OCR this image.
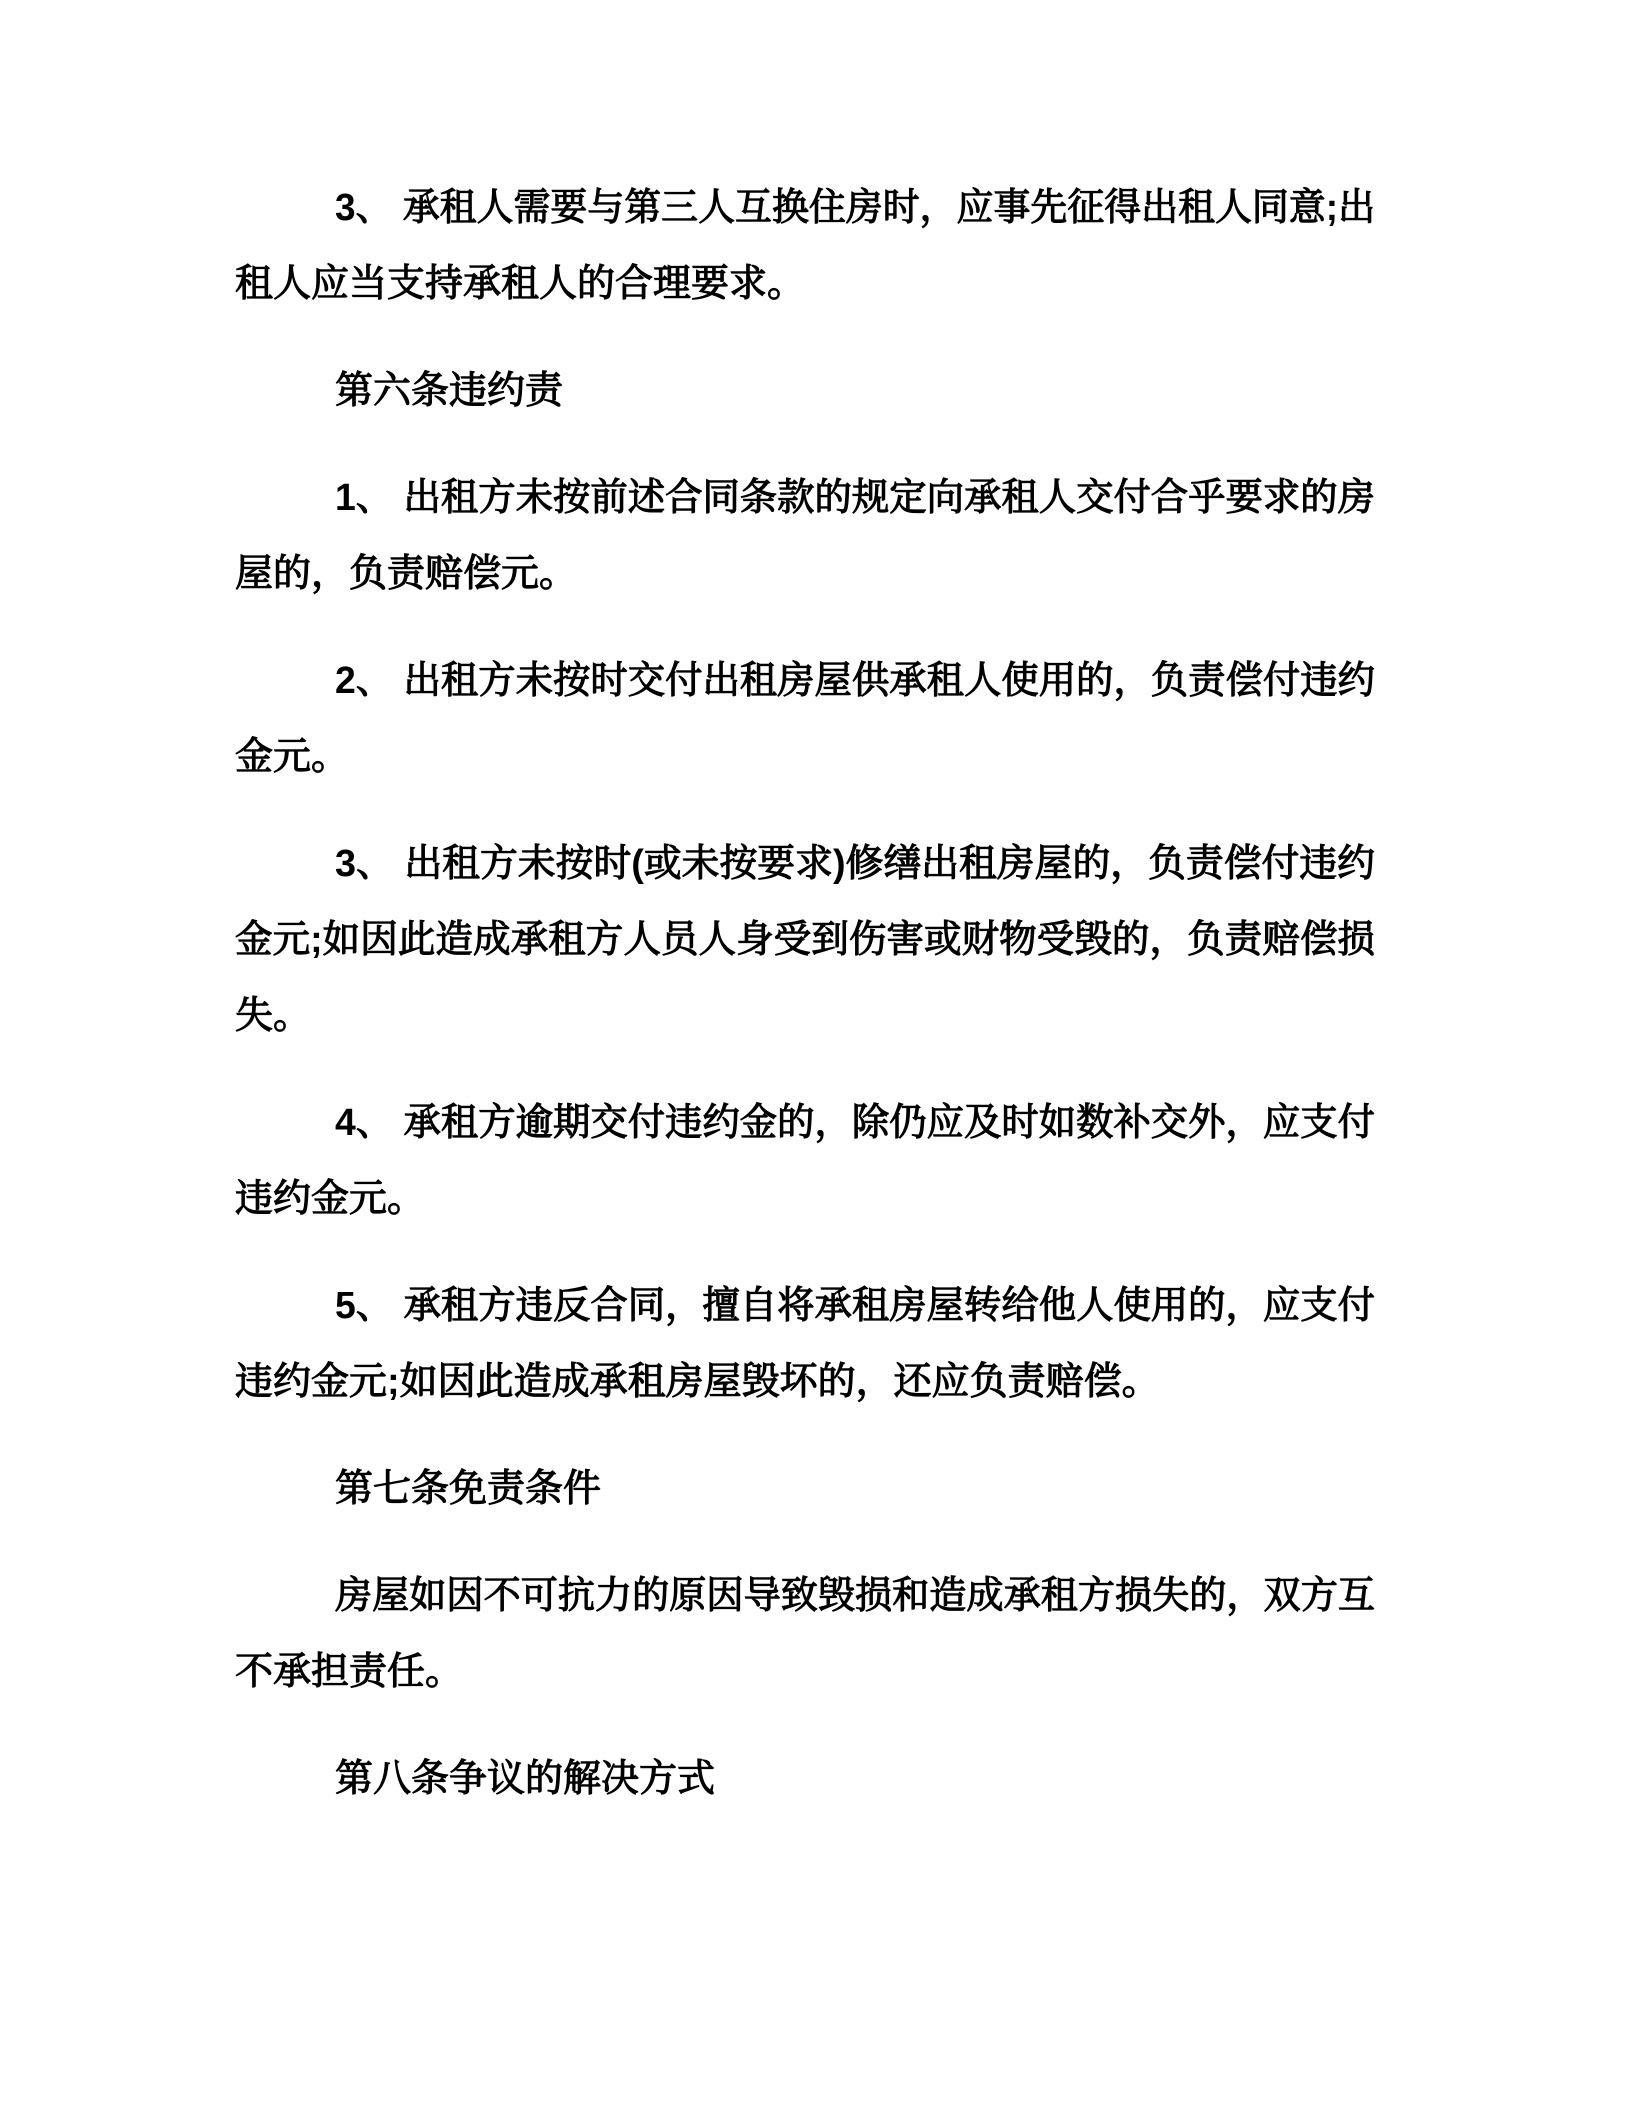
3、 承租人需要与第三人互换住房时，应事先征得出租人同意;出
租人应当支持承租人的合理要求。
第六条违约责
1、 出租方未按前述合同条款的规定向承租人交付合乎要求的房
屋的，负责赔偿元。
2、 出租方未按时交付出租房屋供承租人使用的，负责偿付违约
金元。
3、 出租方未按时(或未按要求)修缮出租房屋的，负责偿付违约
金元;如因此造成承租方人员人身受到伤害或财物受毁的，负责赔偿损
失。
4、 承租方逾期交付违约金的，除仍应及时如数补交外，应支付
违约金元。
5、 承租方违反合同，擅自将承租房屋转给他人使用的，应支付
违约金元;如因此造成承租房屋毁坏的，还应负责赔偿。
第七条免责条件
房屋如因不可抗力的原因导致毁损和造成承租方损失的，双方互
不承担责任。
第八条争议的解决方式
